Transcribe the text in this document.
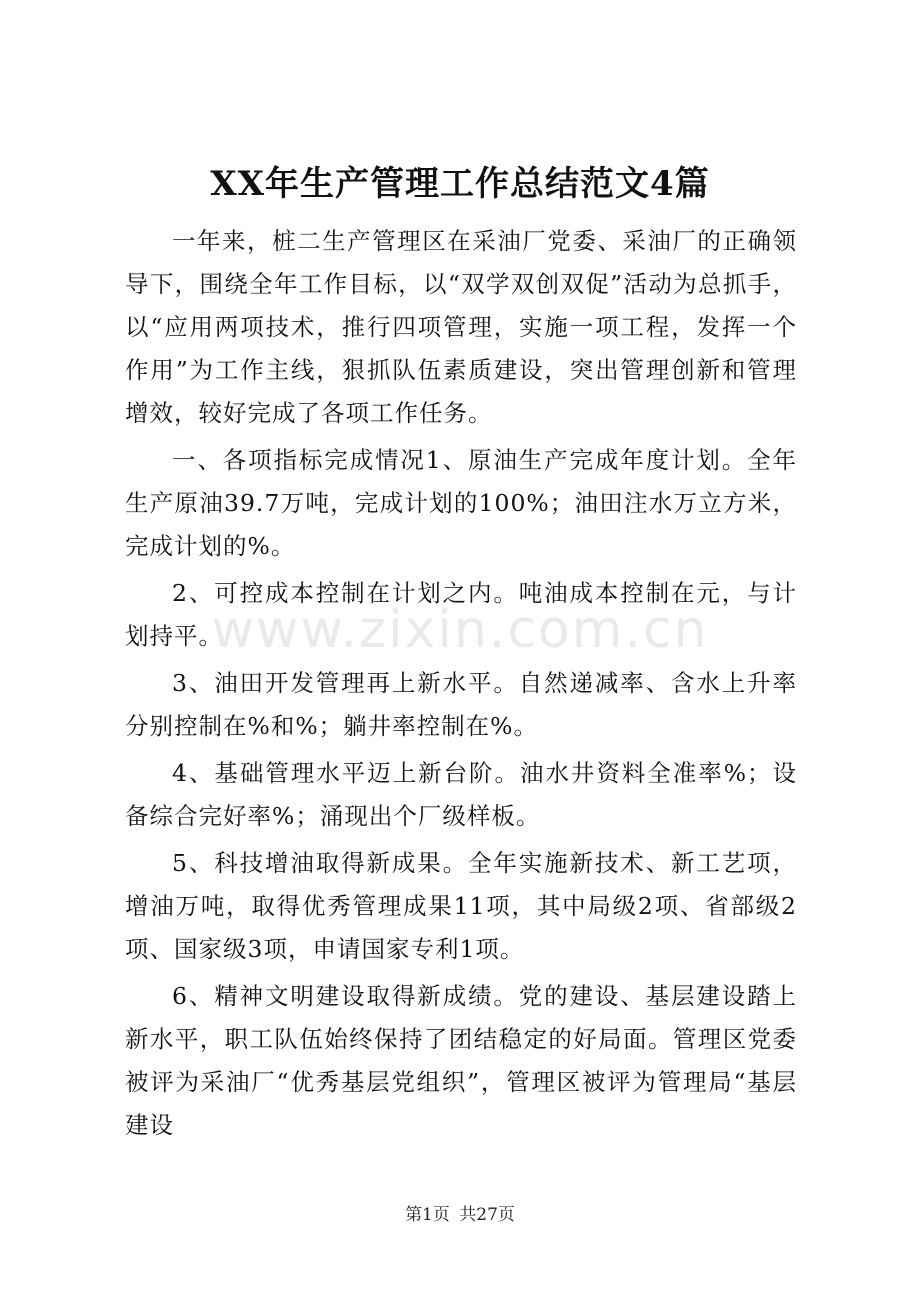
XX年生产管理工作总结范文4篇

一年来，桩二生产管理区在采油厂党委、采油厂的正确领导下，围绕全年工作目标，以“双学双创双促”活动为总抓手，以“应用两项技术，推行四项管理，实施一项工程，发挥一个作用”为工作主线，狠抓队伍素质建设，突出管理创新和管理增效，较好完成了各项工作任务。

一、各项指标完成情况1、原油生产完成年度计划。全年生产原油39.7万吨，完成计划的100%；油田注水万立方米，完成计划的%。

2、可控成本控制在计划之内。吨油成本控制在元，与计划持平。

3、油田开发管理再上新水平。自然递减率、含水上升率分别控制在%和%；躺井率控制在%。

4、基础管理水平迈上新台阶。油水井资料全准率%；设备综合完好率%；涌现出个厂级样板。

5、科技增油取得新成果。全年实施新技术、新工艺项，增油万吨，取得优秀管理成果11项，其中局级2项、省部级2项、国家级3项，申请国家专利1项。

6、精神文明建设取得新成绩。党的建设、基层建设踏上新水平，职工队伍始终保持了团结稳定的好局面。管理区党委被评为采油厂“优秀基层党组织”，管理区被评为管理局“基层建设

www.zixin.com.cn
第1页 共27页
